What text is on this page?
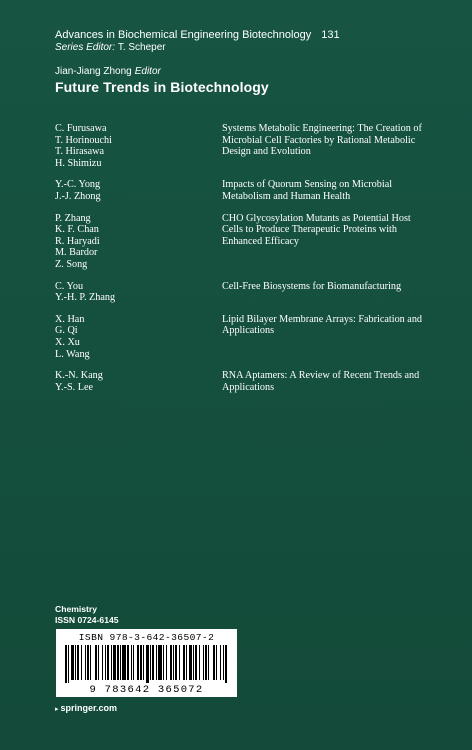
Advances in Biochemical Engineering Biotechnology 131
Series Editor: T. Scheper
Jian-Jiang Zhong Editor
Future Trends in Biotechnology
C. Furusawa
T. Horinouchi
T. Hirasawa
H. Shimizu
Systems Metabolic Engineering: The Creation of Microbial Cell Factories by Rational Metabolic Design and Evolution
Y.-C. Yong
J.-J. Zhong
Impacts of Quorum Sensing on Microbial Metabolism and Human Health
P. Zhang
K. F. Chan
R. Haryadi
M. Bardor
Z. Song
CHO Glycosylation Mutants as Potential Host Cells to Produce Therapeutic Proteins with Enhanced Efficacy
C. You
Y.-H. P. Zhang
Cell-Free Biosystems for Biomanufacturing
X. Han
G. Qi
X. Xu
L. Wang
Lipid Bilayer Membrane Arrays: Fabrication and Applications
K.-N. Kang
Y.-S. Lee
RNA Aptamers: A Review of Recent Trends and Applications
Chemistry
ISSN 0724-6145
ISBN 978-3-642-36507-2
9 783642 365072
▸ springer.com
